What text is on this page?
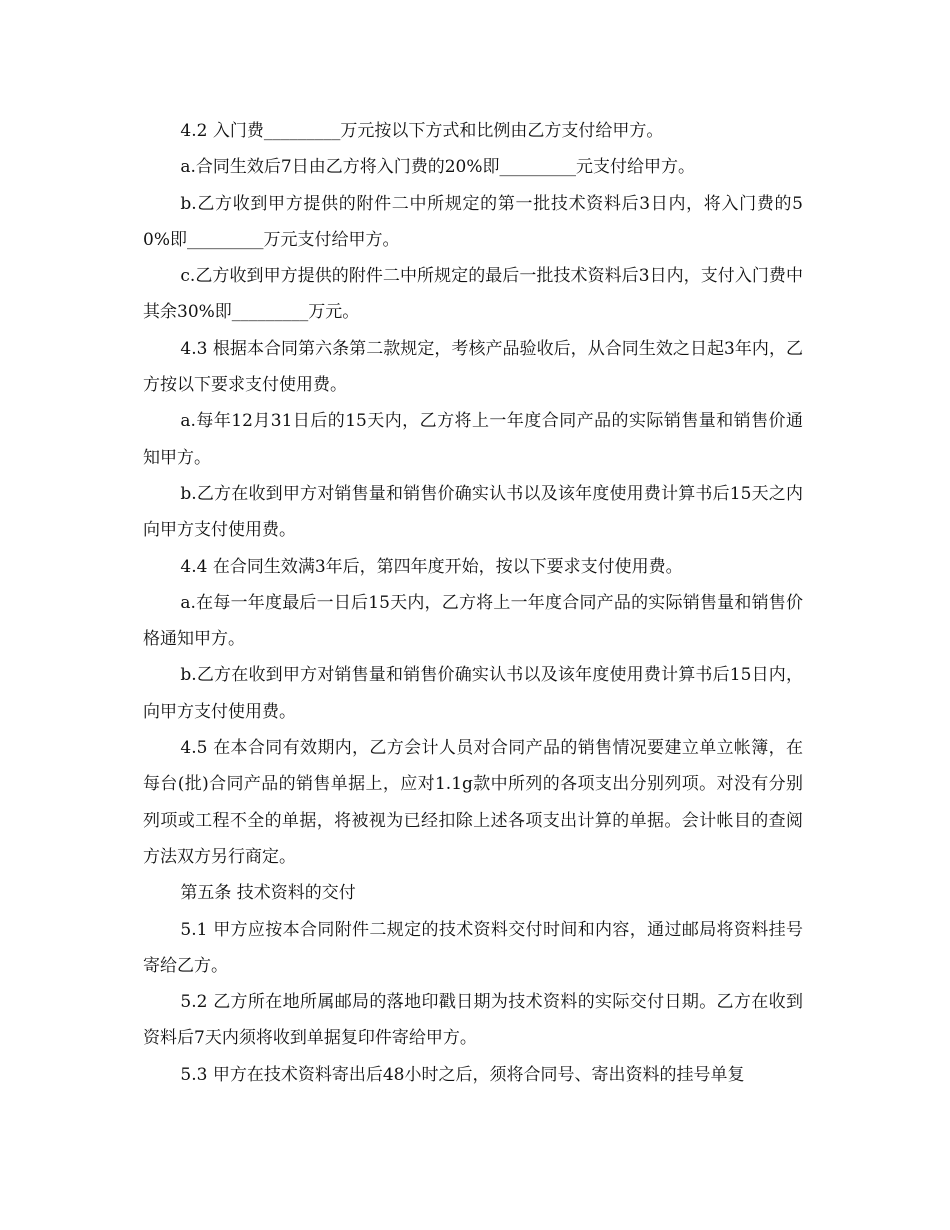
4.2 入门费_________万元按以下方式和比例由乙方支付给甲方。

a.合同生效后7日由乙方将入门费的20%即_________元支付给甲方。

b.乙方收到甲方提供的附件二中所规定的第一批技术资料后3日内，将入门费的50%即_________万元支付给甲方。

c.乙方收到甲方提供的附件二中所规定的最后一批技术资料后3日内，支付入门费中其余30%即_________万元。

4.3 根据本合同第六条第二款规定，考核产品验收后，从合同生效之日起3年内，乙方按以下要求支付使用费。

a.每年12月31日后的15天内，乙方将上一年度合同产品的实际销售量和销售价通知甲方。

b.乙方在收到甲方对销售量和销售价确实认书以及该年度使用费计算书后15天之内向甲方支付使用费。

4.4 在合同生效满3年后，第四年度开始，按以下要求支付使用费。

a.在每一年度最后一日后15天内，乙方将上一年度合同产品的实际销售量和销售价格通知甲方。

b.乙方在收到甲方对销售量和销售价确实认书以及该年度使用费计算书后15日内，向甲方支付使用费。

4.5 在本合同有效期内，乙方会计人员对合同产品的销售情况要建立单立帐簿，在每台(批)合同产品的销售单据上，应对1.1g款中所列的各项支出分别列项。对没有分别列项或工程不全的单据，将被视为已经扣除上述各项支出计算的单据。会计帐目的查阅方法双方另行商定。

第五条 技术资料的交付

5.1 甲方应按本合同附件二规定的技术资料交付时间和内容，通过邮局将资料挂号寄给乙方。

5.2 乙方所在地所属邮局的落地印戳日期为技术资料的实际交付日期。乙方在收到资料后7天内须将收到单据复印件寄给甲方。

5.3 甲方在技术资料寄出后48小时之后，须将合同号、寄出资料的挂号单复
